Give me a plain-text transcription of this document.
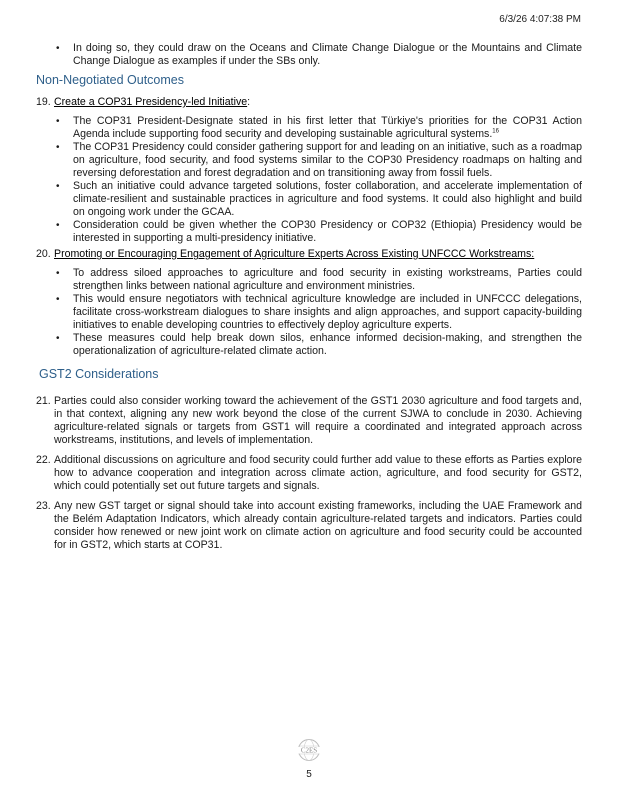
6/3/26 4:07:38 PM
• In doing so, they could draw on the Oceans and Climate Change Dialogue or the Mountains and Climate Change Dialogue as examples if under the SBs only.
Non-Negotiated Outcomes
19. Create a COP31 Presidency-led Initiative:
• The COP31 President-Designate stated in his first letter that Türkiye's priorities for the COP31 Action Agenda include supporting food security and developing sustainable agricultural systems.$^{16}$
• The COP31 Presidency could consider gathering support for and leading on an initiative, such as a roadmap on agriculture, food security, and food systems similar to the COP30 Presidency roadmaps on halting and reversing deforestation and forest degradation and on transitioning away from fossil fuels.
• Such an initiative could advance targeted solutions, foster collaboration, and accelerate implementation of climate-resilient and sustainable practices in agriculture and food systems. It could also highlight and build on ongoing work under the GCAA.
• Consideration could be given whether the COP30 Presidency or COP32 (Ethiopia) Presidency would be interested in supporting a multi-presidency initiative.
20. Promoting or Encouraging Engagement of Agriculture Experts Across Existing UNFCCC Workstreams:
• To address siloed approaches to agriculture and food security in existing workstreams, Parties could strengthen links between national agriculture and environment ministries.
• This would ensure negotiators with technical agriculture knowledge are included in UNFCCC delegations, facilitate cross-workstream dialogues to share insights and align approaches, and support capacity-building initiatives to enable developing countries to effectively deploy agriculture experts.
• These measures could help break down silos, enhance informed decision-making, and strengthen the operationalization of agriculture-related climate action.
GST2 Considerations
21. Parties could also consider working toward the achievement of the GST1 2030 agriculture and food targets and, in that context, aligning any new work beyond the close of the current SJWA to conclude in 2030. Achieving agriculture-related signals or targets from GST1 will require a coordinated and integrated approach across workstreams, institutions, and levels of implementation.
22. Additional discussions on agriculture and food security could further add value to these efforts as Parties explore how to advance cooperation and integration across climate action, agriculture, and food security for GST2, which could potentially set out future targets and signals.
23. Any new GST target or signal should take into account existing frameworks, including the UAE Framework and the Belém Adaptation Indicators, which already contain agriculture-related targets and indicators. Parties could consider how renewed or new joint work on climate action on agriculture and food security could be accounted for in GST2, which starts at COP31.
C2ES
5
